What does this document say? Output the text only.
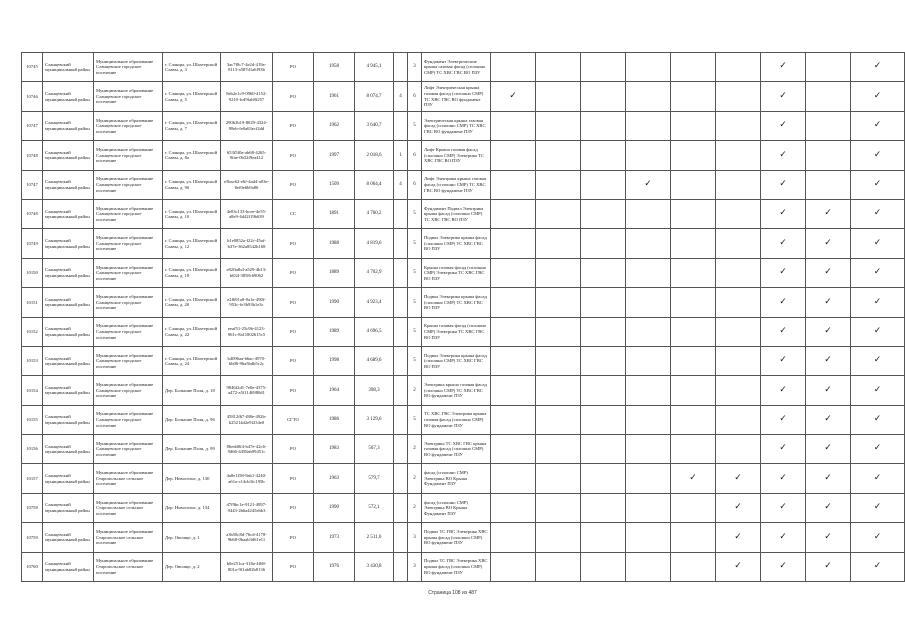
10745	Сланцевский муниципальный район	Муниципальное образование Сланцевское городское поселение	г. Сланцы, ул. Шахтерской Славы, д. 3	3ac7f8c7-4e2d-419a-8113-a587d1a6f93b	РО	1958	4 945,1		3	Фундамент Электрические крыша газовая фасад (сплошно СМР) ТС ХВС ГВС ВО ПЗУ							✓		✓
10746	Сланцевский муниципальный район	Муниципальное образование Сланцевское городское поселение	г. Сланцы, ул. Шахтерской Славы, д. 5	8eb2e1c9-0960-4152-9210-fcd9fab8f257	РО	1961	8 074,7	4	6	Лифт Электрическая крыша газовая фасад (сплошно СМР) ТС ХВС ГВС ВО фундамент ПЗУ	✓						✓		✓
10747	Сланцевский муниципальный район	Муниципальное образование Сланцевское городское поселение	г. Сланцы, ул. Шахтерской Славы, д. 7	290b3b19-8029-4324-98eb-fe0a63ecf2dd	РО	1962	3 640,7		5	Электрическая крыша газовая фасад (сплошно СМР) ТС ХВС ГВС ВО фундамент ПЗУ							✓		✓
10748	Сланцевский муниципальный район	Муниципальное образование Сланцевское городское поселение	г. Сланцы, ул. Шахтерской Славы, д. 8а	653f5f0a-ab68-4265-9fae-0b32f9ea412	РО	1997	2 018,6	1	6	Лифт Крыша газовая фасад (сплошно СМР) Электрика ТС ХВС ГВС ВО ПЗУ							✓		✓
10747	Сланцевский муниципальный район	Муниципальное образование Сланцевское городское поселение	г. Сланцы, ул. Шахтерской Славы, д. 9б	e5bac62-e6f-4ad4-a03e-8ef0e6b9a86	РО	1509	8 064,4	4	6	Лифт Электрика крыша газовая фасад (сплошно СМР) ТС ХВС ГВС ВО фундамент ПЗУ				✓			✓		✓
10748	Сланцевский муниципальный район	Муниципальное образование Сланцевское городское поселение	г. Сланцы, ул. Шахтерской Славы, д. 10	4e03c133-bcee-4e55-a8e9-4d42f19b639	СС	1891	4 760,2		5	Фундамент Подвал Электрика крыша фасад (сплошно СМР) ТС ХВС ГВС ВО ПЗУ							✓	✓	✓
10749	Сланцевский муниципальный район	Муниципальное образование Сланцевское городское поселение	г. Сланцы, ул. Шахтерской Славы, д. 12	b1e0852a-f22c-45af-b37e-362a8542b168	РО	1988	4 819,6		5	Подвал Электрика крыша фасад (сплошно СМР) ТС ХВС ГВС ВО ПЗУ							✓	✓	✓
10150	Сланцевский муниципальный район	Муниципальное образование Сланцевское городское поселение	г. Сланцы, ул. Шахтерской Славы, д. 18	e82fbdb4-a529-4b13-b634-3858c69062	РО	1889	4 702,9		5	Крыша газовая фасад (сплошно СМР) Электрика ТС ХВС ГВС ВО ПЗУ							✓	✓	✓
10151	Сланцевский муниципальный район	Муниципальное образование Сланцевское городское поселение	г. Сланцы, ул. Шахтерской Славы, д. 20	e2f691a0-0a1e-490f-953c-fe3b93b1e3c	РО	1990	4 923,4		5	Подвал Электрика крыша фасад (сплошно СМР) ТС ХВС ГВС ВО ПЗУ							✓	✓	✓
10152	Сланцевский муниципальный район	Муниципальное образование Сланцевское городское поселение	г. Сланцы, ул. Шахтерской Славы, д. 22	eeaf51-25c9b-4123-961c-8a11802615c5	РО	1989	4 696,5		5	Крыша газовая фасад (сплошно СМР) Электрика ТС ХВС ГВС ВО ПЗУ							✓	✓	✓
10153	Сланцевский муниципальный район	Муниципальное образование Сланцевское городское поселение	г. Сланцы, ул. Шахтерской Славы, д. 24	b4096aa-b6ac-4970-bb06-96a5bdb5c2c	РО	1998	4 689,6		5	Подвал Электрика крыша фасад (сплошно СМР) ТС ХВС ГВС ВО ПЗУ							✓	✓	✓
10154	Сланцевский муниципальный район	Муниципальное образование Сланцевское городское поселение	Дер. Большие Поля, д. 18	9846f2d1-7e0e-4375-a472-a5f1146980d1	РО	1964	398,3		2	Электрика крыша газовая фасад (сплошно СМР) ТС ХВС ГВС ВО фундамент ПЗУ							✓	✓	✓
10155	Сланцевский муниципальный район	Муниципальное образование Сланцевское городское поселение	Дер. Большие Поля, д. 96	45812f67-f88e-492b-b25214d2e9f234e0	СГТО	1986	3 129,6		5	ТС ХВС ГВС Электрика крыша газовая фасад (сплошно СМР) ВО фундамент ПЗУ							✓	✓	✓
10156	Сланцевский муниципальный район	Муниципальное образование Сланцевское городское поселение	Дер. Большие Поля, д. 99	86edd0f4-b47e-42c6-9d66-4458ab99451c	РО	1983	567,3		2	Электрика ТС ХВС ГВС крыша газовая фасад (сплошно СМР) ВО фундамент ПЗУ							✓	✓	✓
10157	Сланцевский муниципальный район	Муниципальное образование Старопольское сельское поселение	Дер. Новоселье, д. 130	4a8e1f58-9ab1-4240-a61a-c14cb3fc195b	РО	1963	579,7		2	фасад (сплошно СМР) Электрика ВО Крыша Фундамент ПЗУ					✓	✓	✓	✓	✓
10758	Сланцевский муниципальный район	Муниципальное образование Старопольское сельское поселение	Дер. Новоселье, д. 134	d7f9bc1e-9121-4897-9443-2b6a4245ebb3	РО	1990	572,1		2	фасад (сплошно СМР) Электрика ВО Крыша Фундамент ПЗУ						✓	✓	✓	✓
10759	Сланцевский муниципальный район	Муниципальное образование Старопольское сельское поселение	Дер. Овсище, д. 1	a3b58c8d-76cd-4178-9b68-0baab3d61e11	РО	1973	2 511,6		3	Подвал ТС ГВС Электрика ХВС крыша фасад (сплошно СМР) ВО фундамент ПЗУ						✓	✓	✓	✓
10760	Сланцевский муниципальный район	Муниципальное образование Старопольское сельское поселение	Дер. Овсище, д. 2	b0e251ca-318a-4f68-801a-9f1ab82b8136	РО	1976	3 430,8		3	Подвал ТС ГВС Электрика ХВС крыша фасад (сплошно СМР) ВО фундамент ПЗУ						✓	✓	✓	✓
Страница 108 из 487
